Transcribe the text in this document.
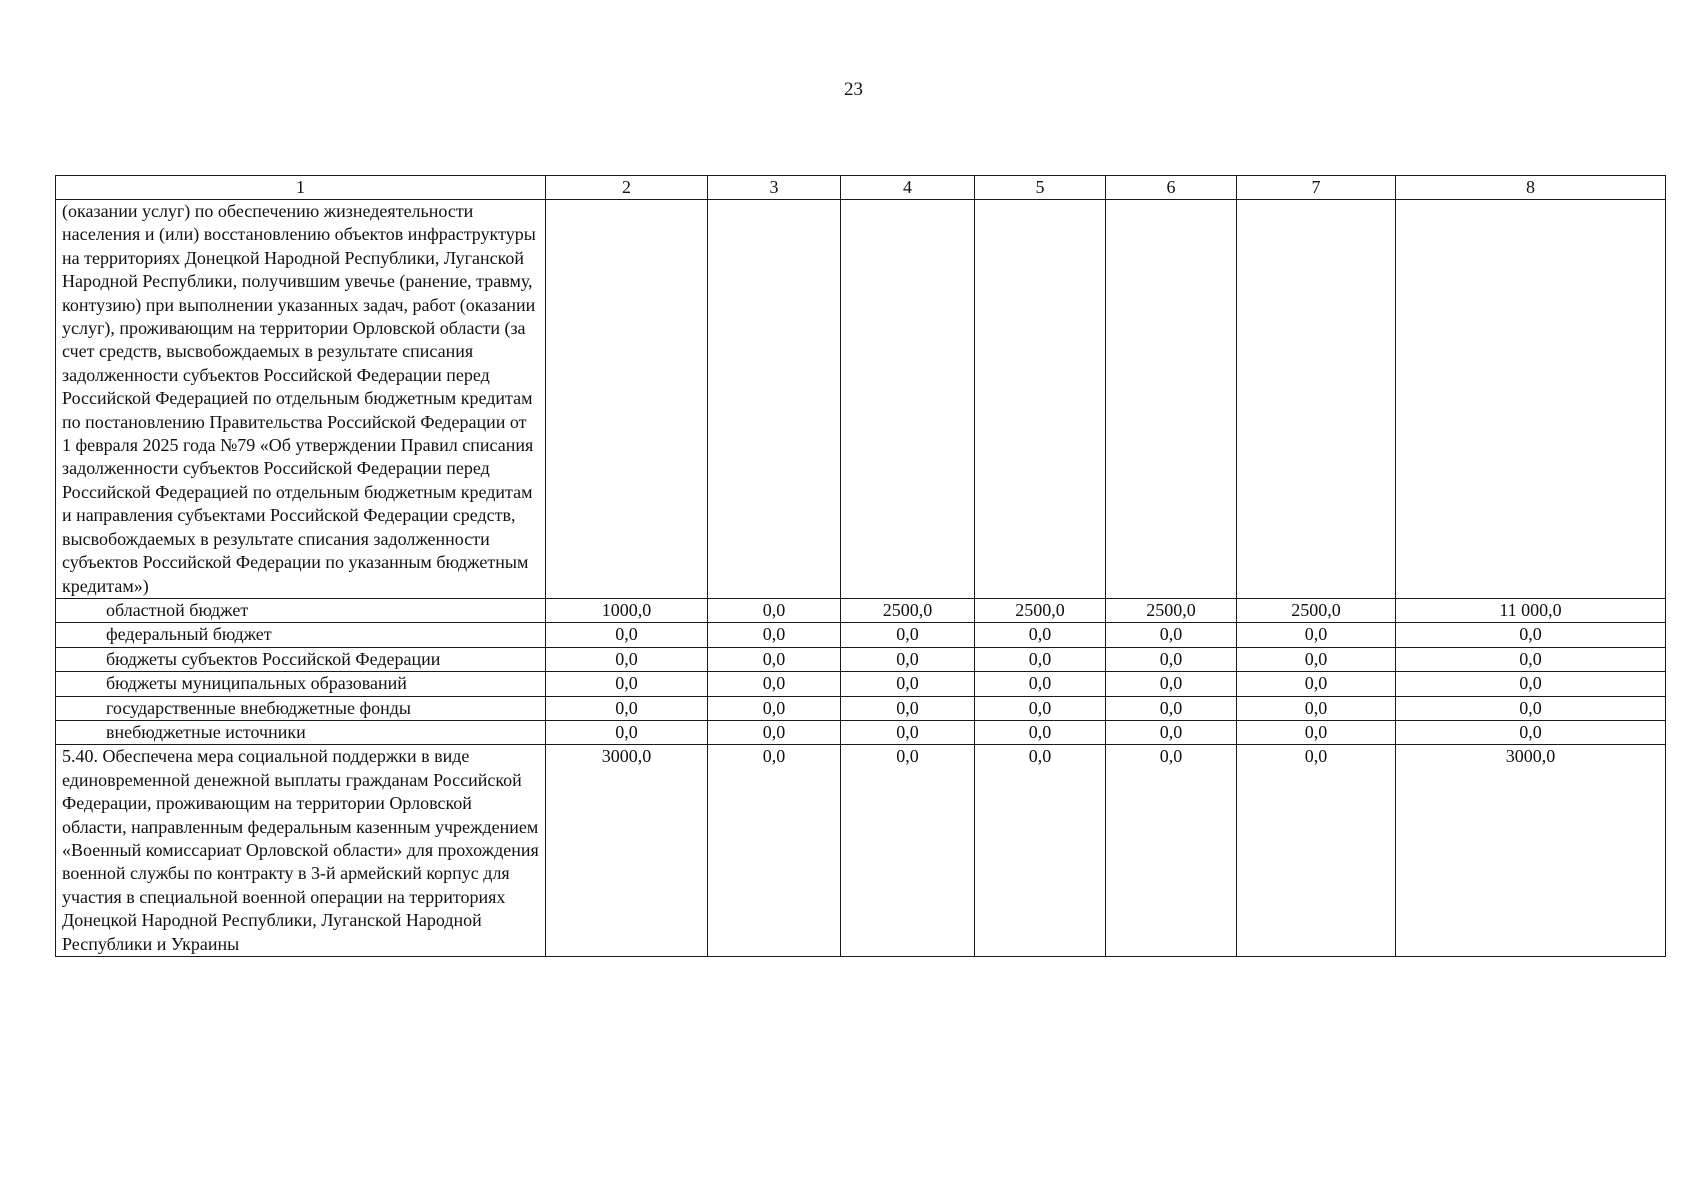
23
1	2	3	4	5	6	7	8
(оказании услуг) по обеспечению жизнедеятельности населения и (или) восстановлению объектов инфраструктуры на территориях Донецкой Народной Республики, Луганской Народной Республики, получившим увечье (ранение, травму, контузию) при выполнении указанных задач, работ (оказании услуг), проживающим на территории Орловской области (за счет средств, высвобождаемых в результате списания задолженности субъектов Российской Федерации перед Российской Федерацией по отдельным бюджетным кредитам по постановлению Правительства Российской Федерации от 1 февраля 2025 года №79 «Об утверждении Правил списания задолженности субъектов Российской Федерации перед Российской Федерацией по отдельным бюджетным кредитам и направления субъектами Российской Федерации средств, высвобождаемых в результате списания задолженности субъектов Российской Федерации по указанным бюджетным кредитам»)							
областной бюджет	1000,0	0,0	2500,0	2500,0	2500,0	2500,0	11 000,0
федеральный бюджет	0,0	0,0	0,0	0,0	0,0	0,0	0,0
бюджеты субъектов Российской Федерации	0,0	0,0	0,0	0,0	0,0	0,0	0,0
бюджеты муниципальных образований	0,0	0,0	0,0	0,0	0,0	0,0	0,0
государственные внебюджетные фонды	0,0	0,0	0,0	0,0	0,0	0,0	0,0
внебюджетные источники	0,0	0,0	0,0	0,0	0,0	0,0	0,0
5.40. Обеспечена мера социальной поддержки в виде единовременной денежной выплаты гражданам Российской Федерации, проживающим на территории Орловской области, направленным федеральным казенным учреждением «Военный комиссариат Орловской области» для прохождения военной службы по контракту в 3-й армейский корпус для участия в специальной военной операции на территориях Донецкой Народной Республики, Луганской Народной Республики и Украины	3000,0	0,0	0,0	0,0	0,0	0,0	3000,0
